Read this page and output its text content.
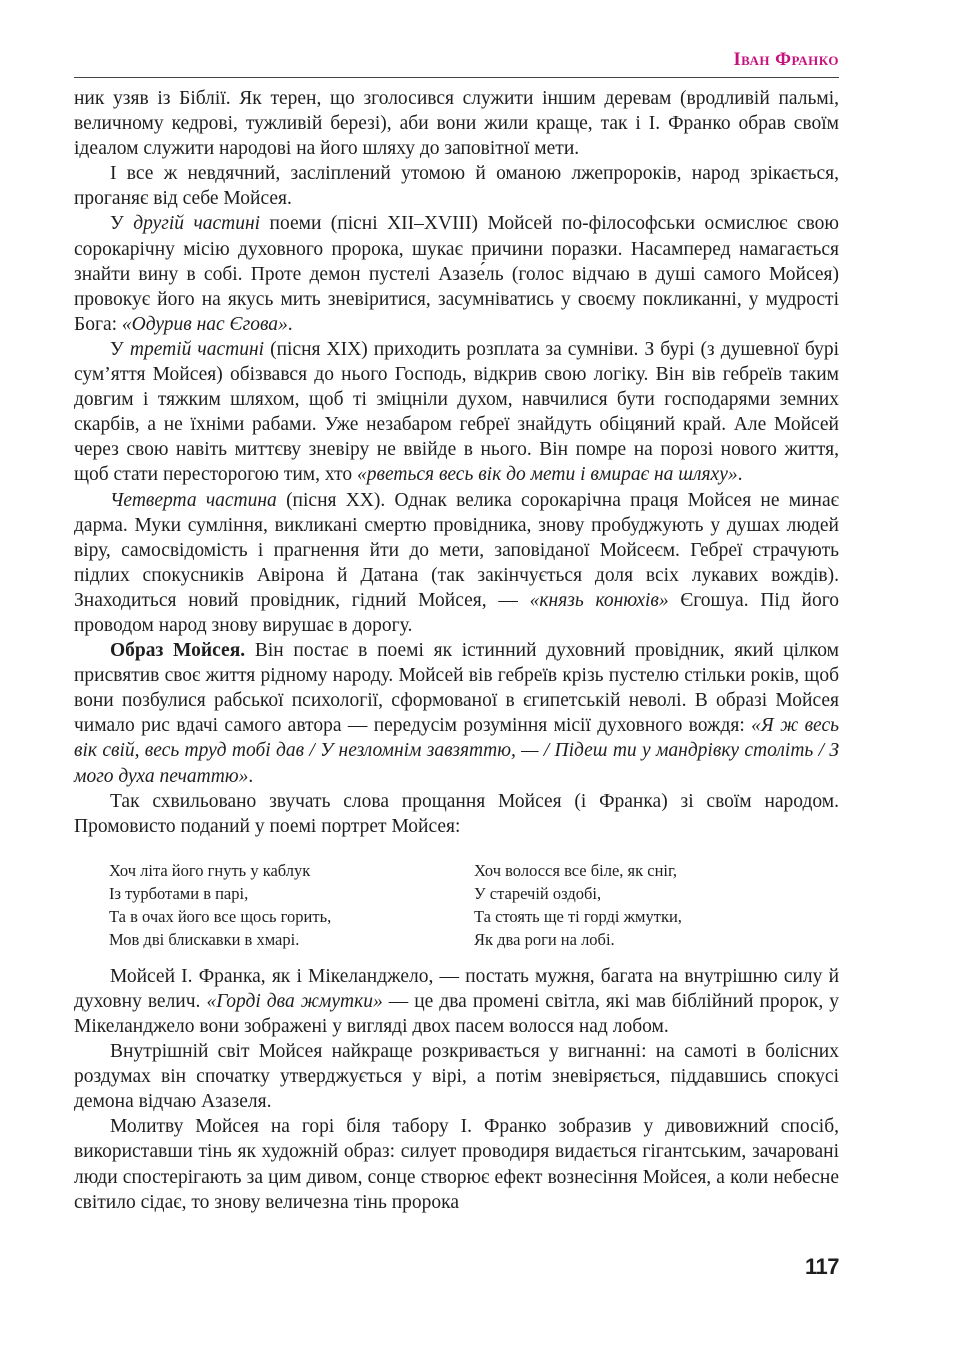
Іван Франко

ник узяв із Біблії. Як терен, що зголосився служити іншим деревам (вродливій пальмі, величному кедрові, тужливій березі), аби вони жили краще, так і І. Франко обрав своїм ідеалом служити народові на його шляху до заповітної мети.

І все ж невдячний, засліплений утомою й оманою лжепророків, народ зрікається, проганяє від себе Мойсея.

У другій частині поеми (пісні XII–XVIII) Мойсей по-філософськи осмислює свою сорокарічну місію духовного пророка, шукає причини поразки. Насамперед намагається знайти вину в собі. Проте демон пустелі Азазе́ль (голос відчаю в душі самого Мойсея) провокує його на якусь мить зневіритися, засумніватись у своєму покликанні, у мудрості Бога: «Одурив нас Єгова».

У третій частині (пісня XIX) приходить розплата за сумніви. З бурі (з душевної бурі сум’яття Мойсея) обізвався до нього Господь, відкрив свою логіку. Він вів гебреїв таким довгим і тяжким шляхом, щоб ті зміцніли духом, навчилися бути господарями земних скарбів, а не їхніми рабами. Уже незабаром гебреї знайдуть обіцяний край. Але Мойсей через свою навіть миттєву зневіру не ввійде в нього. Він помре на порозі нового життя, щоб стати пересторогою тим, хто «рветься весь вік до мети і вмирає на шляху».

Четверта частина (пісня XX). Однак велика сорокарічна праця Мойсея не минає дарма. Муки сумління, викликані смертю провідника, знову пробуджують у душах людей віру, самосвідомість і прагнення йти до мети, заповіданої Мойсеєм. Гебреї страчують підлих спокусників Авірона й Датана (так закінчується доля всіх лукавих вождів). Знаходиться новий провідник, гідний Мойсея, — «князь конюхів» Єгошуа. Під його проводом народ знову вирушає в дорогу.

Образ Мойсея. Він постає в поемі як істинний духовний провідник, який цілком присвятив своє життя рідному народу. Мойсей вів гебреїв крізь пустелю стільки років, щоб вони позбулися рабської психології, сформованої в єгипетській неволі. В образі Мойсея чимало рис вдачі самого автора — передусім розуміння місії духовного вождя: «Я ж весь вік свій, весь труд тобі дав / У незломнім завзяттю, — / Підеш ти у мандрівку століть / З мого духа печаттю».

Так схвильовано звучать слова прощання Мойсея (і Франка) зі своїм народом. Промовисто поданий у поемі портрет Мойсея:

Хоч літа його гнуть у каблук
Із турботами в парі,
Та в очах його все щось горить,
Мов дві блискавки в хмарі.
Хоч волосся все біле, як сніг,
У старечій оздобі,
Та стоять ще ті горді жмутки,
Як два роги на лобі.

Мойсей І. Франка, як і Мікеланджело, — постать мужня, багата на внутрішню силу й духовну велич. «Горді два жмутки» — це два промені світла, які мав біблійний пророк, у Мікеланджело вони зображені у вигляді двох пасем волосся над лобом.

Внутрішній світ Мойсея найкраще розкривається у вигнанні: на самоті в болісних роздумах він спочатку утверджується у вірі, а потім зневіряється, піддавшись спокусі демона відчаю Азазеля.

Молитву Мойсея на горі біля табору І. Франко зобразив у дивовижний спосіб, використавши тінь як художній образ: силует проводиря видається гігантським, зачаровані люди спостерігають за цим дивом, сонце створює ефект вознесіння Мойсея, а коли небесне світило сідає, то знову величезна тінь пророка

117
